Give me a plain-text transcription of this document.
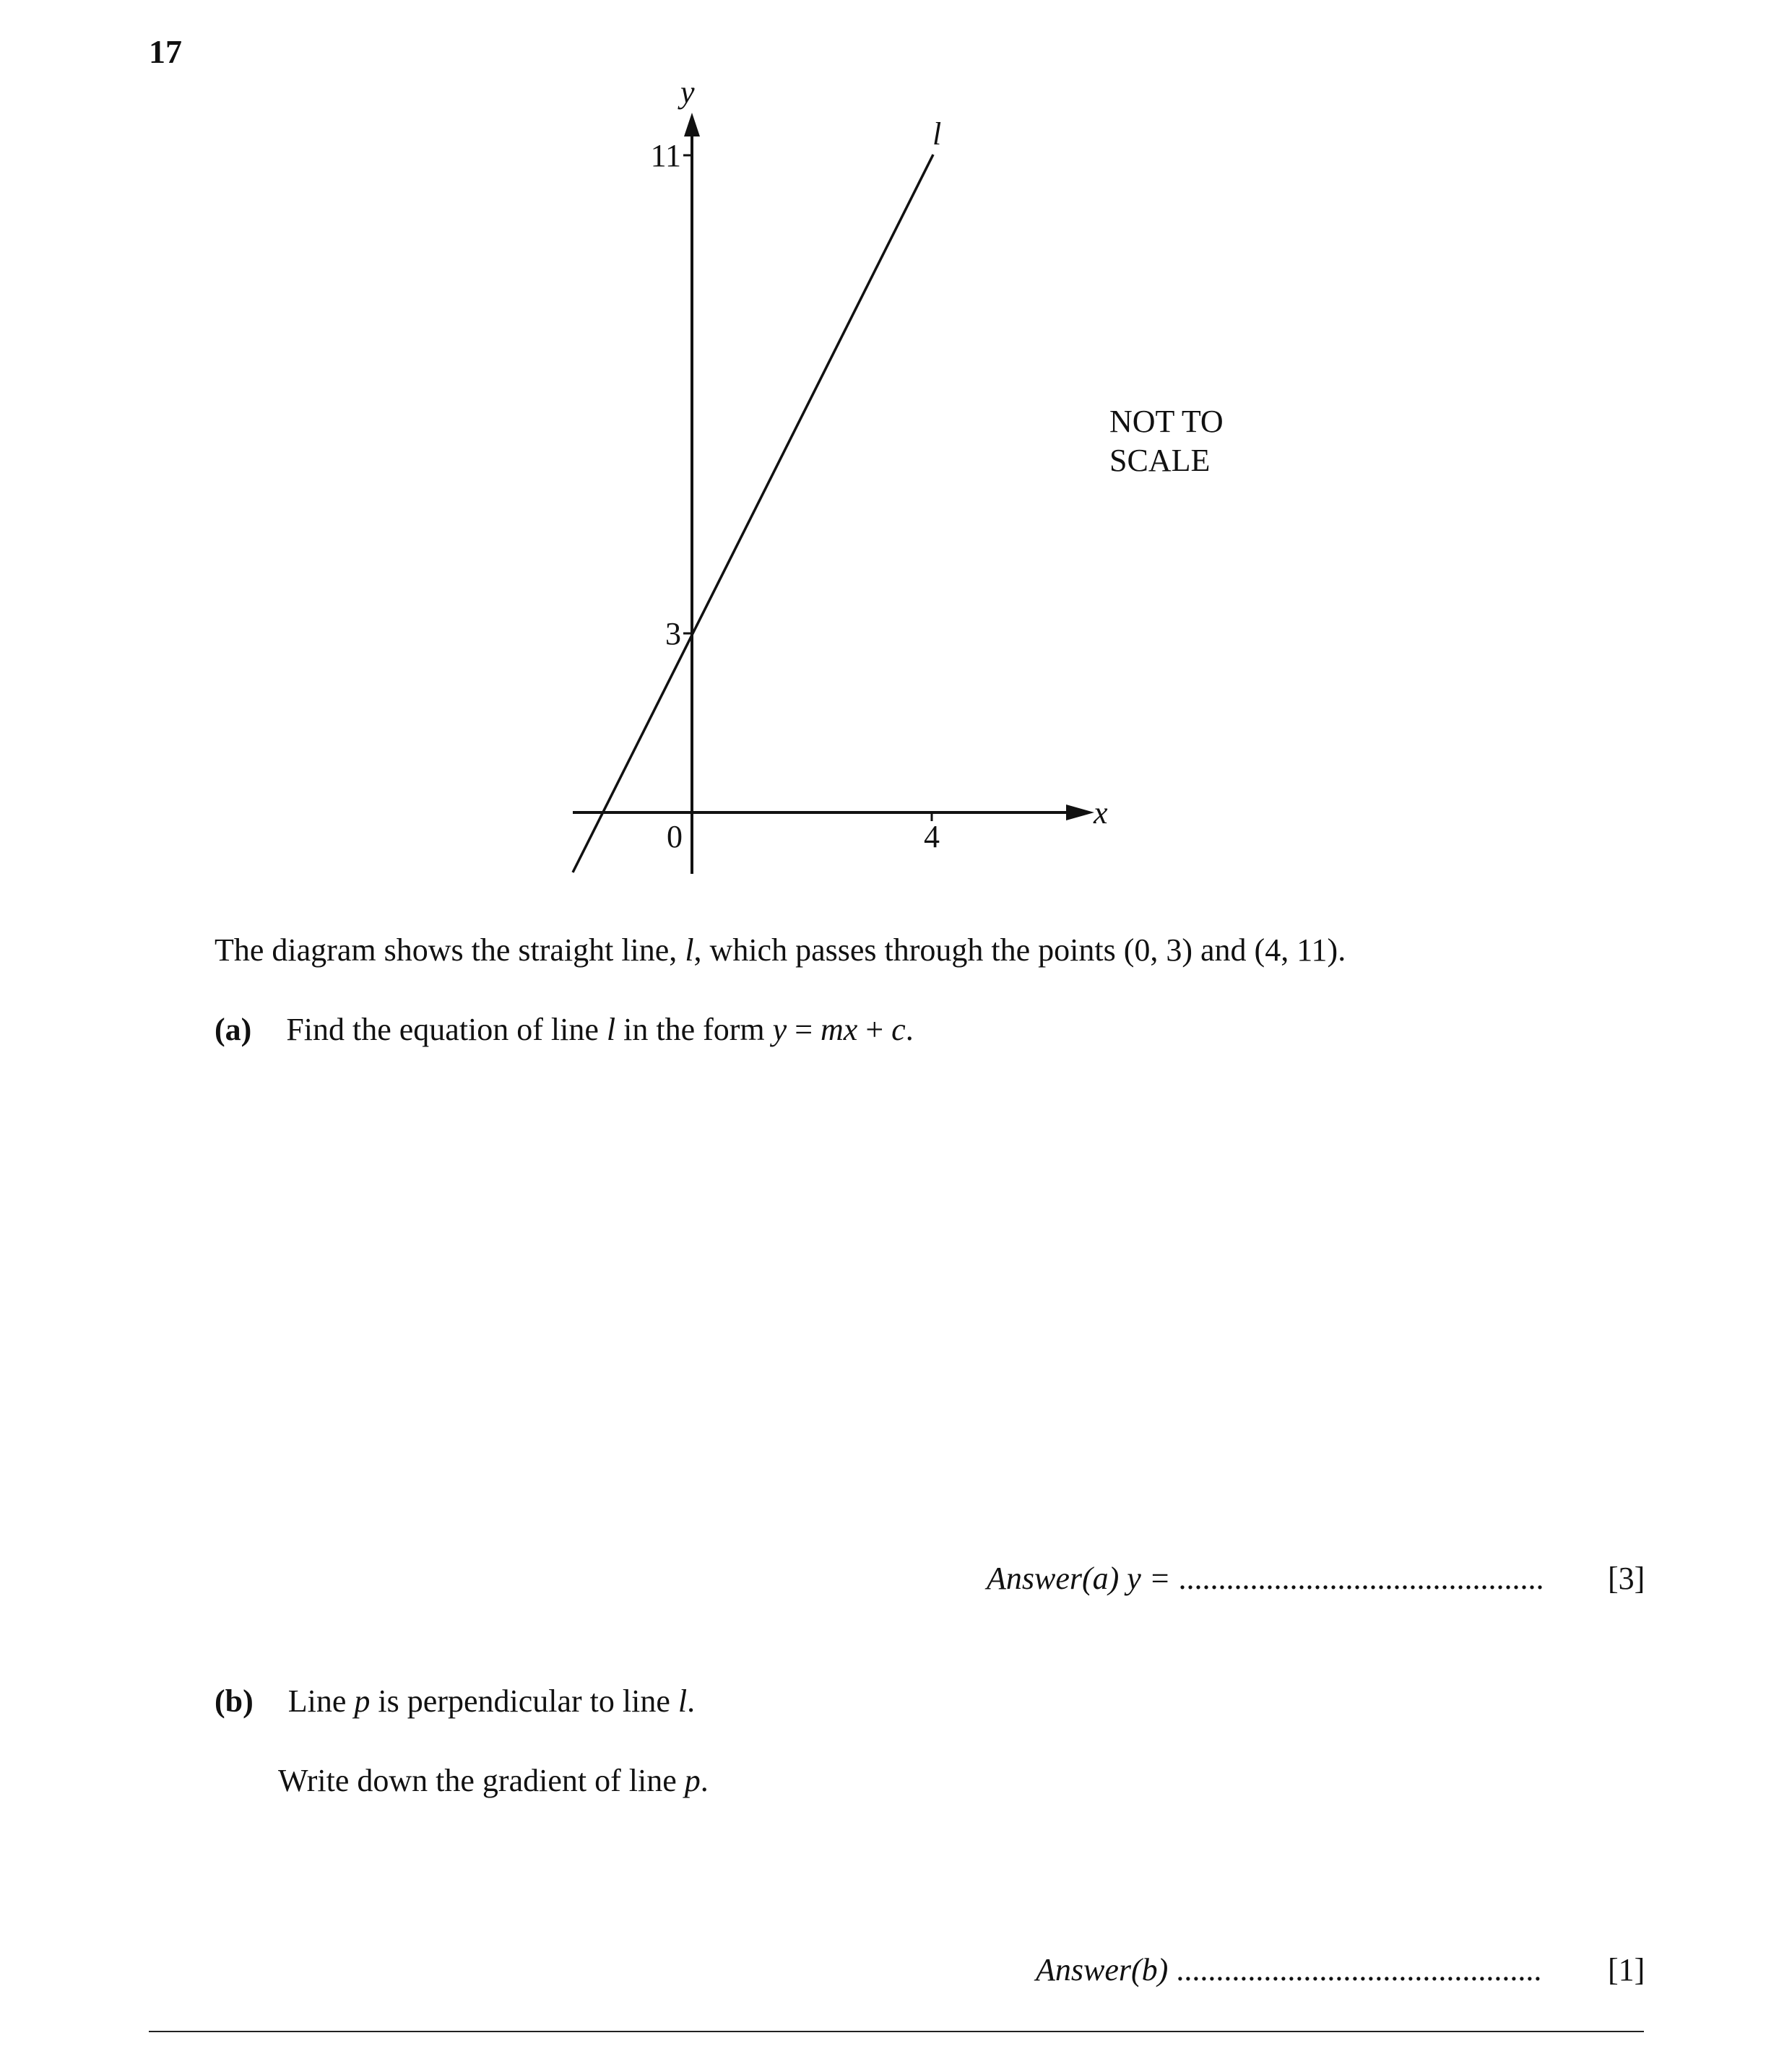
17
y
x
l
11
3
0	4
NOT TO
SCALE
The diagram shows the straight line, l, which passes through the points (0, 3) and (4, 11).
(a) Find the equation of line l in the form y = mx + c.
Answer(a) y = .............................................. [3]
(b) Line p is perpendicular to line l.
Write down the gradient of line p.
Answer(b) .............................................. [1]
